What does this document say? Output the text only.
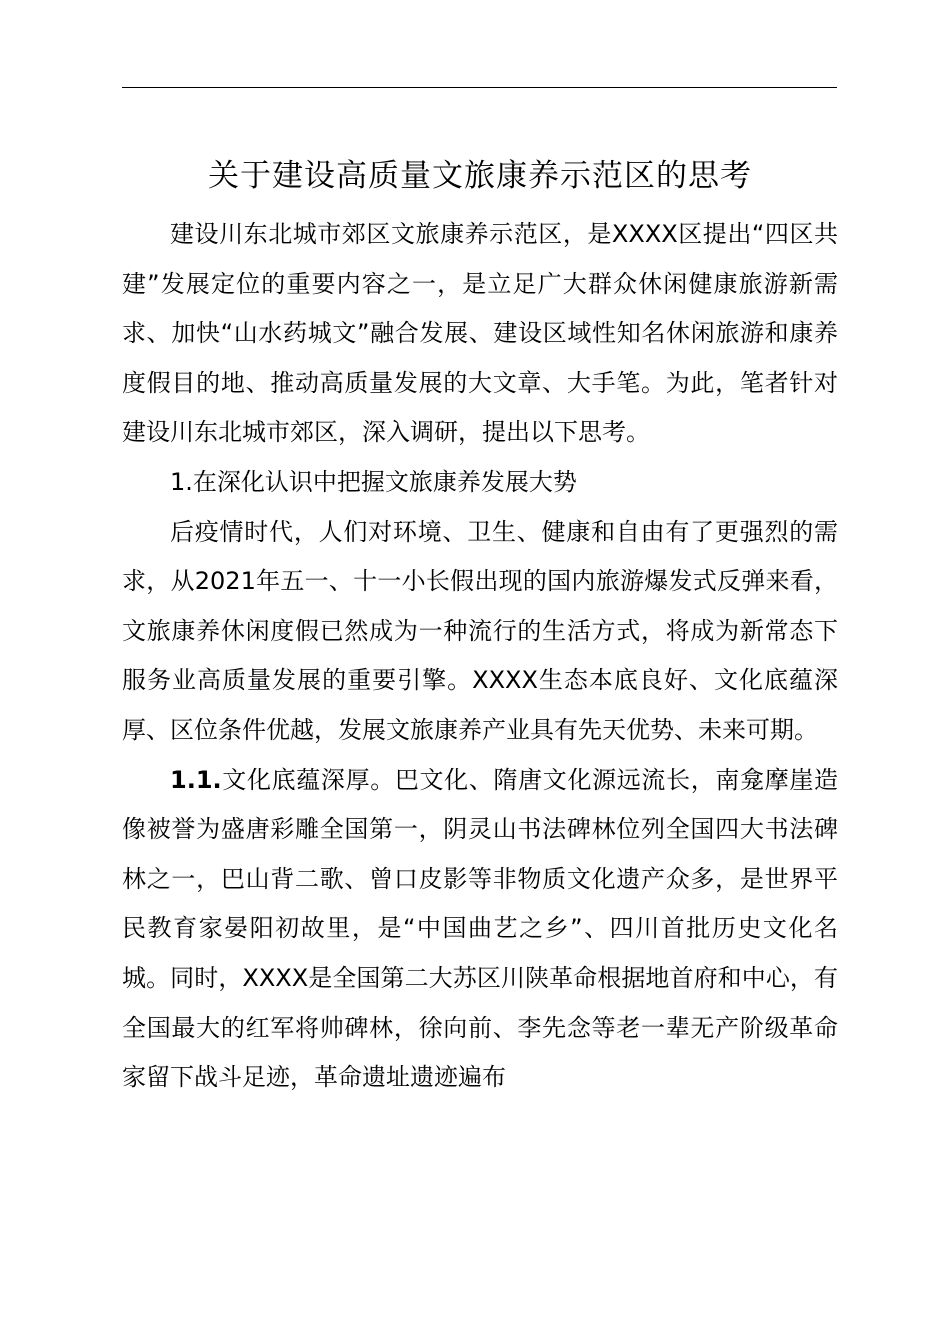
关于建设高质量文旅康养示范区的思考

建设川东北城市郊区文旅康养示范区，是XXXX区提出“四区共建”发展定位的重要内容之一，是立足广大群众休闲健康旅游新需求、加快“山水药城文”融合发展、建设区域性知名休闲旅游和康养度假目的地、推动高质量发展的大文章、大手笔。为此，笔者针对建设川东北城市郊区，深入调研，提出以下思考。

1.在深化认识中把握文旅康养发展大势

后疫情时代，人们对环境、卫生、健康和自由有了更强烈的需求，从2021年五一、十一小长假出现的国内旅游爆发式反弹来看，文旅康养休闲度假已然成为一种流行的生活方式，将成为新常态下服务业高质量发展的重要引擎。XXXX生态本底良好、文化底蕴深厚、区位条件优越，发展文旅康养产业具有先天优势、未来可期。

1.1.文化底蕴深厚。巴文化、隋唐文化源远流长，南龛摩崖造像被誉为盛唐彩雕全国第一，阴灵山书法碑林位列全国四大书法碑林之一，巴山背二歌、曾口皮影等非物质文化遗产众多，是世界平民教育家晏阳初故里，是“中国曲艺之乡”、四川首批历史文化名城。同时，XXXX是全国第二大苏区川陕革命根据地首府和中心，有全国最大的红军将帅碑林，徐向前、李先念等老一辈无产阶级革命家留下战斗足迹，革命遗址遗迹遍布
